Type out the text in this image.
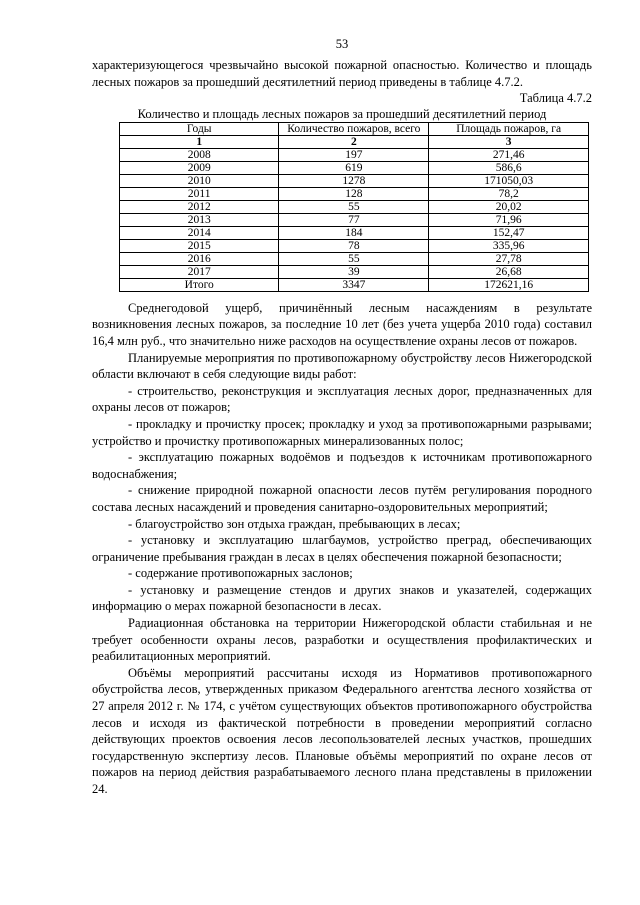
53

характеризующегося чрезвычайно высокой пожарной опасностью. Количество и площадь лесных пожаров за прошедший десятилетний период приведены в таблице 4.7.2.

Таблица 4.7.2

Количество и площадь лесных пожаров за прошедший десятилетний период
Годы	Количество пожаров, всего	Площадь пожаров, га
1	2	3
2008	197	271,46
2009	619	586,6
2010	1278	171050,03
2011	128	78,2
2012	55	20,02
2013	77	71,96
2014	184	152,47
2015	78	335,96
2016	55	27,78
2017	39	26,68
Итого	3347	172621,16

Среднегодовой ущерб, причинённый лесным насаждениям в результате возникновения лесных пожаров, за последние 10 лет (без учета ущерба 2010 года) составил 16,4 млн руб., что значительно ниже расходов на осуществление охраны лесов от пожаров.

Планируемые мероприятия по противопожарному обустройству лесов Нижегородской области включают в себя следующие виды работ:

- строительство, реконструкция и эксплуатация лесных дорог, предназначенных для охраны лесов от пожаров;

- прокладку и прочистку просек; прокладку и уход за противопожарными разрывами; устройство и прочистку противопожарных минерализованных полос;

- эксплуатацию пожарных водоёмов и подъездов к источникам противопожарного водоснабжения;

- снижение природной пожарной опасности лесов путём регулирования породного состава лесных насаждений и проведения санитарно-оздоровительных мероприятий;

- благоустройство зон отдыха граждан, пребывающих в лесах;

- установку и эксплуатацию шлагбаумов, устройство преград, обеспечивающих ограничение пребывания граждан в лесах в целях обеспечения пожарной безопасности;

- содержание противопожарных заслонов;

- установку и размещение стендов и других знаков и указателей, содержащих информацию о мерах пожарной безопасности в лесах.

Радиационная обстановка на территории Нижегородской области стабильная и не требует особенности охраны лесов, разработки и осуществления профилактических и реабилитационных мероприятий.

Объёмы мероприятий рассчитаны исходя из Нормативов противопожарного обустройства лесов, утвержденных приказом Федерального агентства лесного хозяйства от 27 апреля 2012 г. № 174, с учётом существующих объектов противопожарного обустройства лесов и исходя из фактической потребности в проведении мероприятий согласно действующих проектов освоения лесов лесопользователей лесных участков, прошедших государственную экспертизу лесов. Плановые объёмы мероприятий по охране лесов от пожаров на период действия разрабатываемого лесного плана представлены в приложении 24.
